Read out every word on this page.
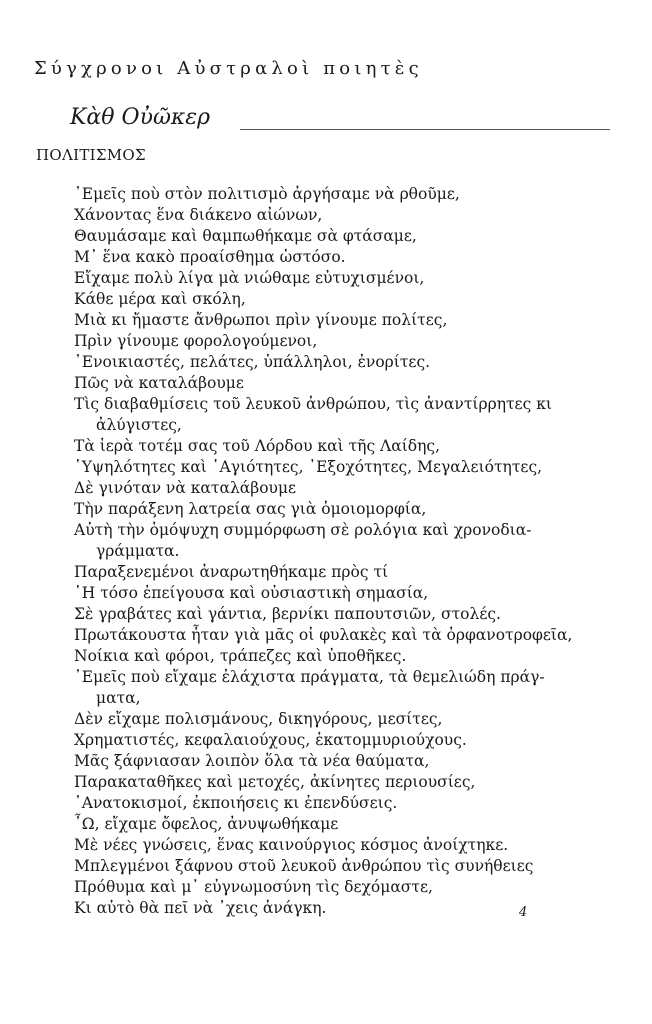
Σύγχρονοι Αὐστραλοὶ ποιητὲς
Κὰθ Οὐῶκερ
ΠΟΛΙΤΙΣΜΟΣ
᾿Εμεῖς ποὺ στὸν πολιτισμὸ ἀργήσαμε νὰ ρθοῦμε,
Χάνοντας ἕνα διάκενο αἰώνων,
Θαυμάσαμε καὶ θαμπωθήκαμε σὰ φτάσαμε,
Μ᾿ ἕνα κακὸ προαίσθημα ὡστόσο.
Εἴχαμε πολὺ λίγα μὰ νιώθαμε εὐτυχισμένοι,
Κάθε μέρα καὶ σκόλη,
Μιὰ κι ἤμαστε ἄνθρωποι πρὶν γίνουμε πολίτες,
Πρὶν γίνουμε φορολογούμενοι,
᾿Ενοικιαστές, πελάτες, ὑπάλληλοι, ἐνορίτες.
Πῶς νὰ καταλάβουμε
Τὶς διαβαθμίσεις τοῦ λευκοῦ ἀνθρώπου, τὶς ἀναντίρρητες κι
ἀλύγιστες,
Τὰ ἱερὰ τοτέμ σας τοῦ Λόρδου καὶ τῆς Λαίδης,
῾Υψηλότητες καὶ ῾Αγιότητες, ᾿Εξοχότητες, Μεγαλειότητες,
Δὲ γινόταν νὰ καταλάβουμε
Τὴν παράξενη λατρεία σας γιὰ ὁμοιομορφία,
Αὐτὴ τὴν ὁμόψυχη συμμόρφωση σὲ ρολόγια καὶ χρονοδια-
γράμματα.
Παραξενεμένοι ἀναρωτηθήκαμε πρὸς τί
῾Η τόσο ἐπείγουσα καὶ οὐσιαστικὴ σημασία,
Σὲ γραβάτες καὶ γάντια, βερνίκι παπουτσιῶν, στολές.
Πρωτάκουστα ἦταν γιὰ μᾶς οἱ φυλακὲς καὶ τὰ ὀρφανοτροφεῖα,
Νοίκια καὶ φόροι, τράπεζες καὶ ὑποθῆκες.
᾿Εμεῖς ποὺ εἴχαμε ἐλάχιστα πράγματα, τὰ θεμελιώδη πράγ-
ματα,
Δὲν εἴχαμε πολισμάνους, δικηγόρους, μεσίτες,
Χρηματιστές, κεφαλαιούχους, ἑκατομμυριούχους.
Μᾶς ξάφνιασαν λοιπὸν ὅλα τὰ νέα θαύματα,
Παρακαταθῆκες καὶ μετοχές, ἀκίνητες περιουσίες,
᾿Ανατοκισμοί, ἐκποιήσεις κι ἐπενδύσεις.
῏Ω, εἴχαμε ὄφελος, ἀνυψωθήκαμε
Μὲ νέες γνώσεις, ἕνας καινούργιος κόσμος ἀνοίχτηκε.
Μπλεγμένοι ξάφνου στοῦ λευκοῦ ἀνθρώπου τὶς συνήθειες
Πρόθυμα καὶ μ᾿ εὐγνωμοσύνη τὶς δεχόμαστε,
Κι αὐτὸ θὰ πεῖ νὰ ᾿χεις ἀνάγκη.	4
